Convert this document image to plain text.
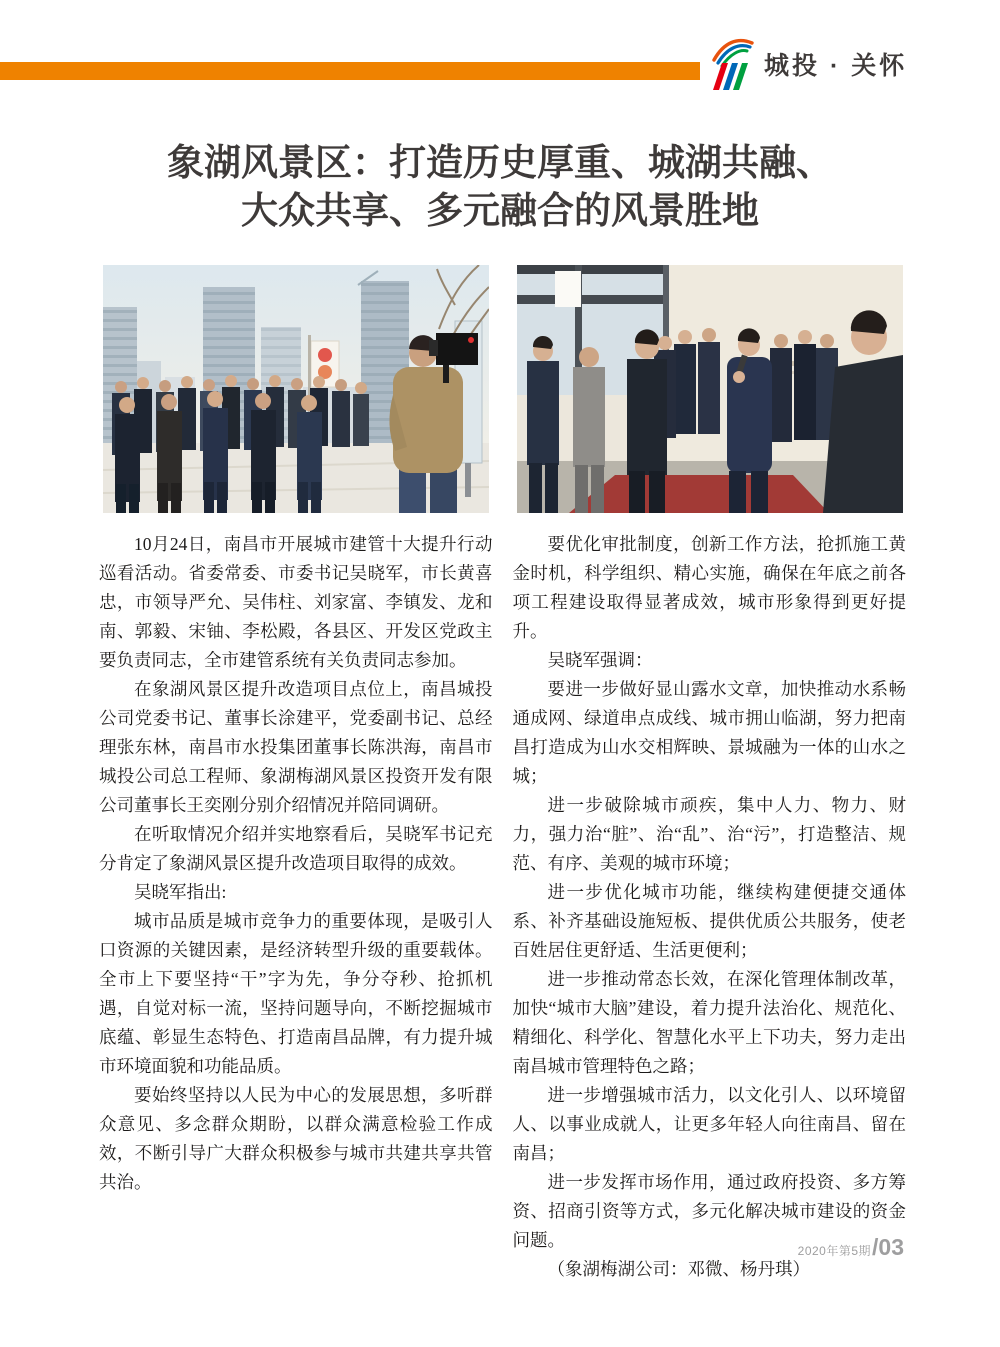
城投 · 关怀
象湖风景区：打造历史厚重、城湖共融、
大众共享、多元融合的风景胜地

10月24日，南昌市开展城市建管十大提升行动巡看活动。省委常委、市委书记吴晓军，市长黄喜忠，市领导严允、吴伟柱、刘家富、李镇发、龙和南、郭毅、宋铀、李松殿，各县区、开发区党政主要负责同志，全市建管系统有关负责同志参加。

在象湖风景区提升改造项目点位上，南昌城投公司党委书记、董事长涂建平，党委副书记、总经理张东林，南昌市水投集团董事长陈洪海，南昌市城投公司总工程师、象湖梅湖风景区投资开发有限公司董事长王奕刚分别介绍情况并陪同调研。

在听取情况介绍并实地察看后，吴晓军书记充分肯定了象湖风景区提升改造项目取得的成效。

吴晓军指出:

城市品质是城市竞争力的重要体现，是吸引人口资源的关键因素，是经济转型升级的重要载体。全市上下要坚持“干”字为先，争分夺秒、抢抓机遇，自觉对标一流，坚持问题导向，不断挖掘城市底蕴、彰显生态特色、打造南昌品牌，有力提升城市环境面貌和功能品质。

要始终坚持以人民为中心的发展思想，多听群众意见、多念群众期盼，以群众满意检验工作成效，不断引导广大群众积极参与城市共建共享共管共治。

要优化审批制度，创新工作方法，抢抓施工黄金时机，科学组织、精心实施，确保在年底之前各项工程建设取得显著成效，城市形象得到更好提升。

吴晓军强调：

要进一步做好显山露水文章，加快推动水系畅通成网、绿道串点成线、城市拥山临湖，努力把南昌打造成为山水交相辉映、景城融为一体的山水之城；

进一步破除城市顽疾，集中人力、物力、财力，强力治“脏”、治“乱”、治“污”，打造整洁、规范、有序、美观的城市环境；

进一步优化城市功能，继续构建便捷交通体系、补齐基础设施短板、提供优质公共服务，使老百姓居住更舒适、生活更便利；

进一步推动常态长效，在深化管理体制改革，加快“城市大脑”建设，着力提升法治化、规范化、精细化、科学化、智慧化水平上下功夫，努力走出南昌城市管理特色之路；

进一步增强城市活力，以文化引人、以环境留人、以事业成就人，让更多年轻人向往南昌、留在南昌；

进一步发挥市场作用，通过政府投资、多方筹资、招商引资等方式，多元化解决城市建设的资金问题。

（象湖梅湖公司：邓微、杨丹琪）

2020年第5期 /03
